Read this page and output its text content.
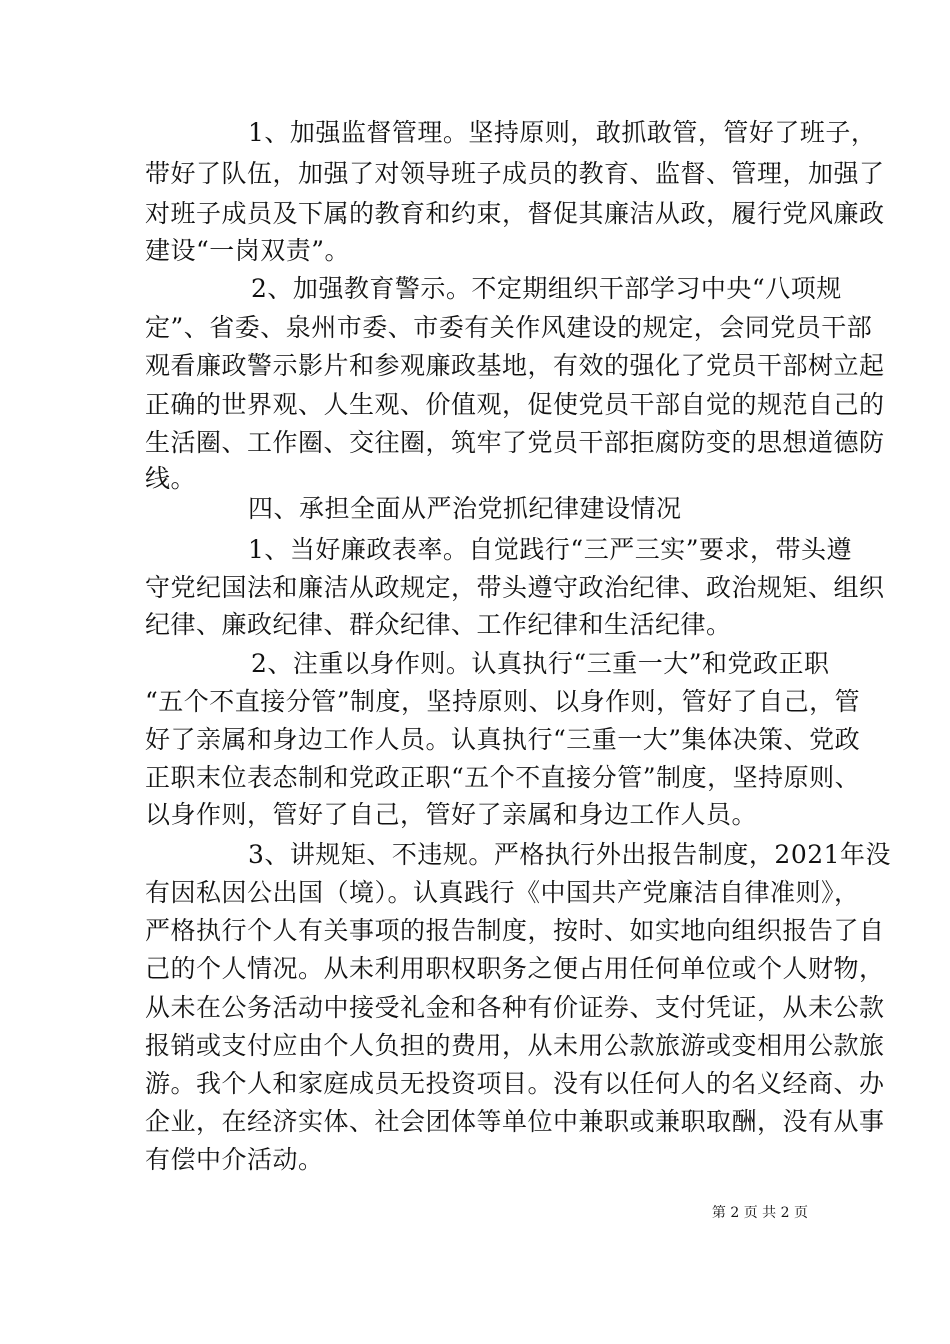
1、加强监督管理。坚持原则，敢抓敢管，管好了班子，
带好了队伍，加强了对领导班子成员的教育、监督、管理，加强了
对班子成员及下属的教育和约束，督促其廉洁从政，履行党风廉政
建设“一岗双责”。
2、加强教育警示。不定期组织干部学习中央“八项规
定”、省委、泉州市委、市委有关作风建设的规定，会同党员干部
观看廉政警示影片和参观廉政基地，有效的强化了党员干部树立起
正确的世界观、人生观、价值观，促使党员干部自觉的规范自己的
生活圈、工作圈、交往圈，筑牢了党员干部拒腐防变的思想道德防
线。
四、承担全面从严治党抓纪律建设情况
1、当好廉政表率。自觉践行“三严三实”要求，带头遵
守党纪国法和廉洁从政规定，带头遵守政治纪律、政治规矩、组织
纪律、廉政纪律、群众纪律、工作纪律和生活纪律。
2、注重以身作则。认真执行“三重一大”和党政正职
“五个不直接分管”制度，坚持原则、以身作则，管好了自己，管
好了亲属和身边工作人员。认真执行“三重一大”集体决策、党政
正职末位表态制和党政正职“五个不直接分管”制度，坚持原则、
以身作则，管好了自己，管好了亲属和身边工作人员。
3、讲规矩、不违规。严格执行外出报告制度，2021年没
有因私因公出国（境）。认真践行《中国共产党廉洁自律准则》，
严格执行个人有关事项的报告制度，按时、如实地向组织报告了自
己的个人情况。从未利用职权职务之便占用任何单位或个人财物，
从未在公务活动中接受礼金和各种有价证券、支付凭证，从未公款
报销或支付应由个人负担的费用，从未用公款旅游或变相用公款旅
游。我个人和家庭成员无投资项目。没有以任何人的名义经商、办
企业，在经济实体、社会团体等单位中兼职或兼职取酬，没有从事
有偿中介活动。
第 2 页 共 2 页
